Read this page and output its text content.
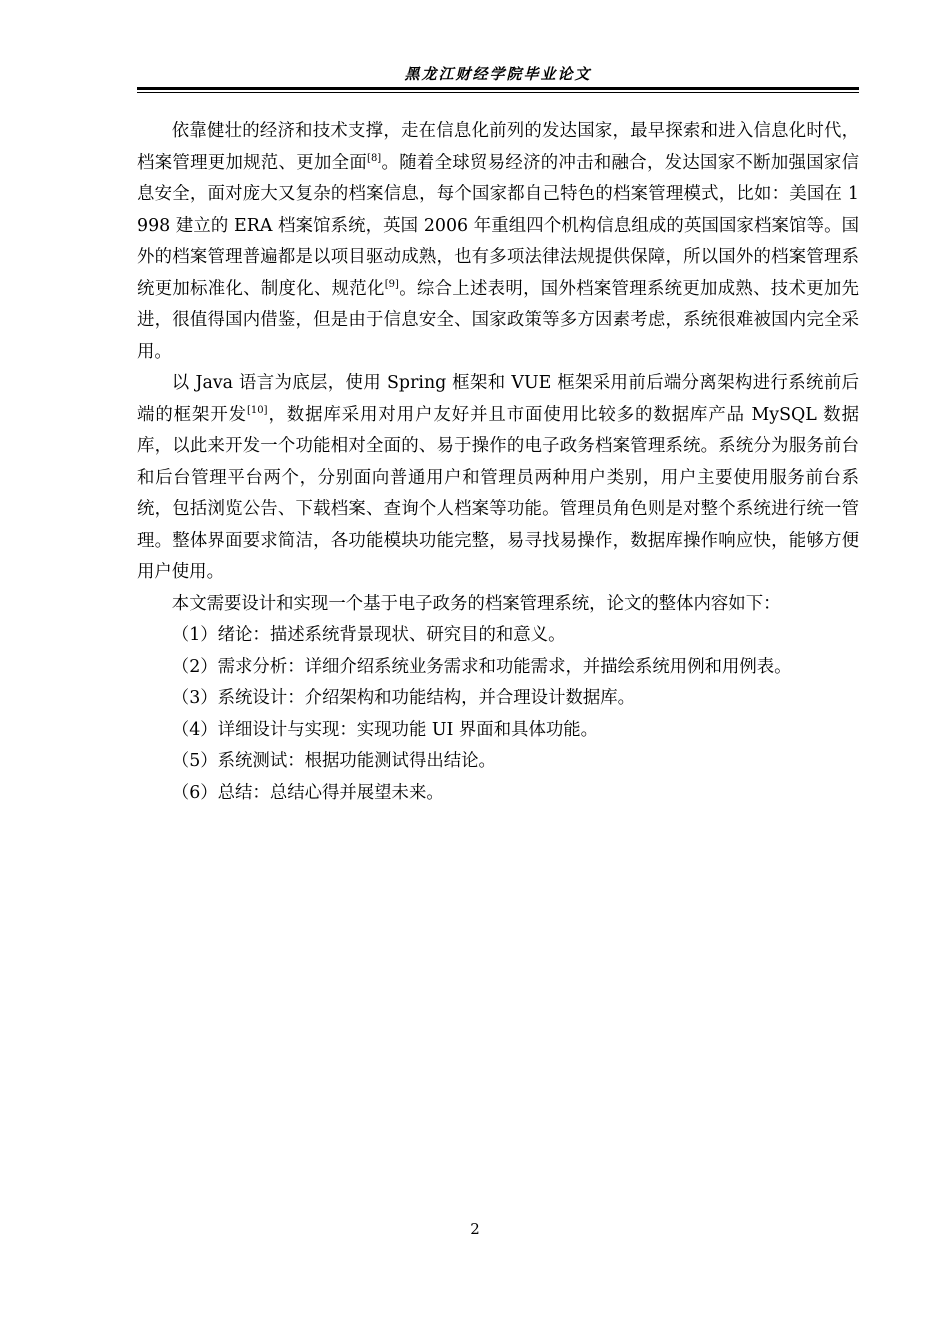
黑龙江财经学院毕业论文

依靠健壮的经济和技术支撑，走在信息化前列的发达国家，最早探索和进入信息化时代，档案管理更加规范、更加全面[8]。随着全球贸易经济的冲击和融合，发达国家不断加强国家信息安全，面对庞大又复杂的档案信息，每个国家都自己特色的档案管理模式，比如：美国在 1998 建立的 ERA 档案馆系统，英国 2006 年重组四个机构信息组成的英国国家档案馆等。国外的档案管理普遍都是以项目驱动成熟，也有多项法律法规提供保障，所以国外的档案管理系统更加标准化、制度化、规范化[9]。综合上述表明，国外档案管理系统更加成熟、技术更加先进，很值得国内借鉴，但是由于信息安全、国家政策等多方因素考虑，系统很难被国内完全采用。

以 Java 语言为底层，使用 Spring 框架和 VUE 框架采用前后端分离架构进行系统前后端的框架开发[10]，数据库采用对用户友好并且市面使用比较多的数据库产品 MySQL 数据库，以此来开发一个功能相对全面的、易于操作的电子政务档案管理系统。系统分为服务前台和后台管理平台两个，分别面向普通用户和管理员两种用户类别，用户主要使用服务前台系统，包括浏览公告、下载档案、查询个人档案等功能。管理员角色则是对整个系统进行统一管理。整体界面要求简洁，各功能模块功能完整，易寻找易操作，数据库操作响应快，能够方便用户使用。

本文需要设计和实现一个基于电子政务的档案管理系统，论文的整体内容如下：

（1）绪论：描述系统背景现状、研究目的和意义。

（2）需求分析：详细介绍系统业务需求和功能需求，并描绘系统用例和用例表。

（3）系统设计：介绍架构和功能结构，并合理设计数据库。

（4）详细设计与实现：实现功能 UI 界面和具体功能。

（5）系统测试：根据功能测试得出结论。

（6）总结：总结心得并展望未来。

2
